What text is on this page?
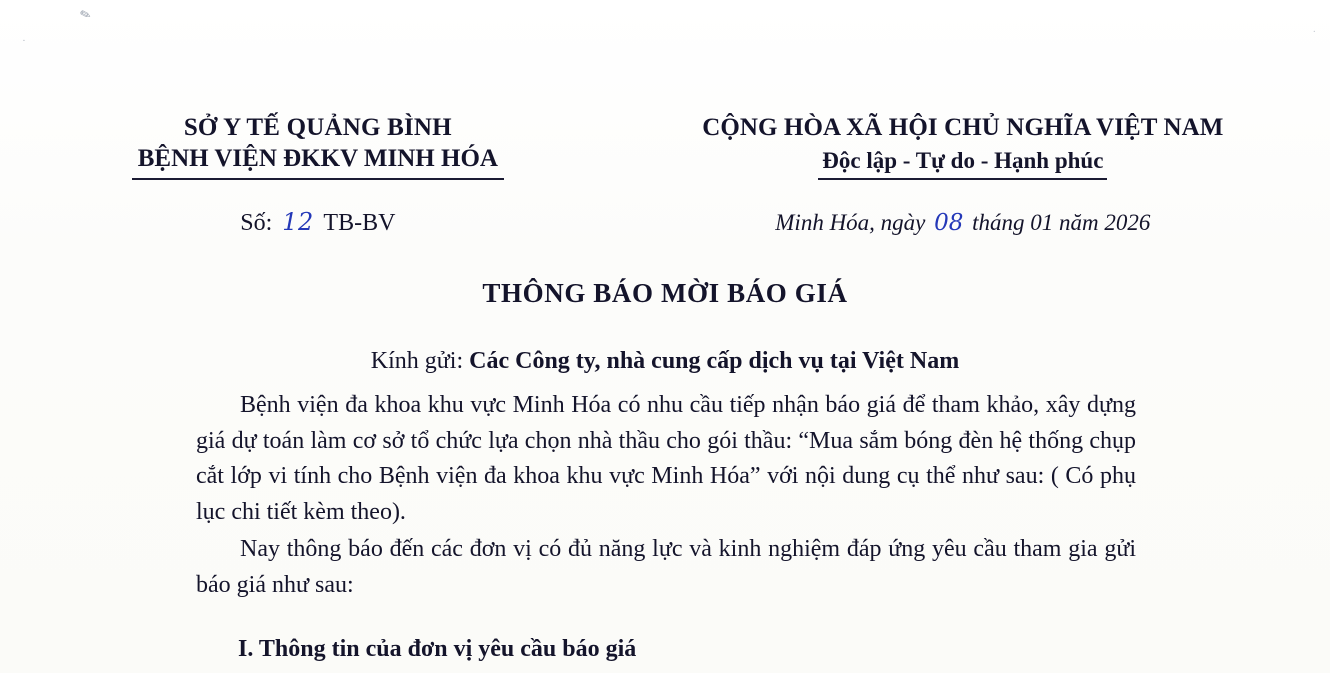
✎
·
·
SỞ Y TẾ QUẢNG BÌNH
BỆNH VIỆN ĐKKV MINH HÓA
CỘNG HÒA XÃ HỘI CHỦ NGHĨA VIỆT NAM
Độc lập - Tự do - Hạnh phúc
Số: 12 TB-BV	Minh Hóa, ngày 08 tháng 01 năm 2026
THÔNG BÁO MỜI BÁO GIÁ
Kính gửi: Các Công ty, nhà cung cấp dịch vụ tại Việt Nam

Bệnh viện đa khoa khu vực Minh Hóa có nhu cầu tiếp nhận báo giá để tham khảo, xây dựng giá dự toán làm cơ sở tổ chức lựa chọn nhà thầu cho gói thầu: “Mua sắm bóng đèn hệ thống chụp cắt lớp vi tính cho Bệnh viện đa khoa khu vực Minh Hóa” với nội dung cụ thể như sau: ( Có phụ lục chi tiết kèm theo).

Nay thông báo đến các đơn vị có đủ năng lực và kinh nghiệm đáp ứng yêu cầu tham gia gửi báo giá như sau:

I. Thông tin của đơn vị yêu cầu báo giá
